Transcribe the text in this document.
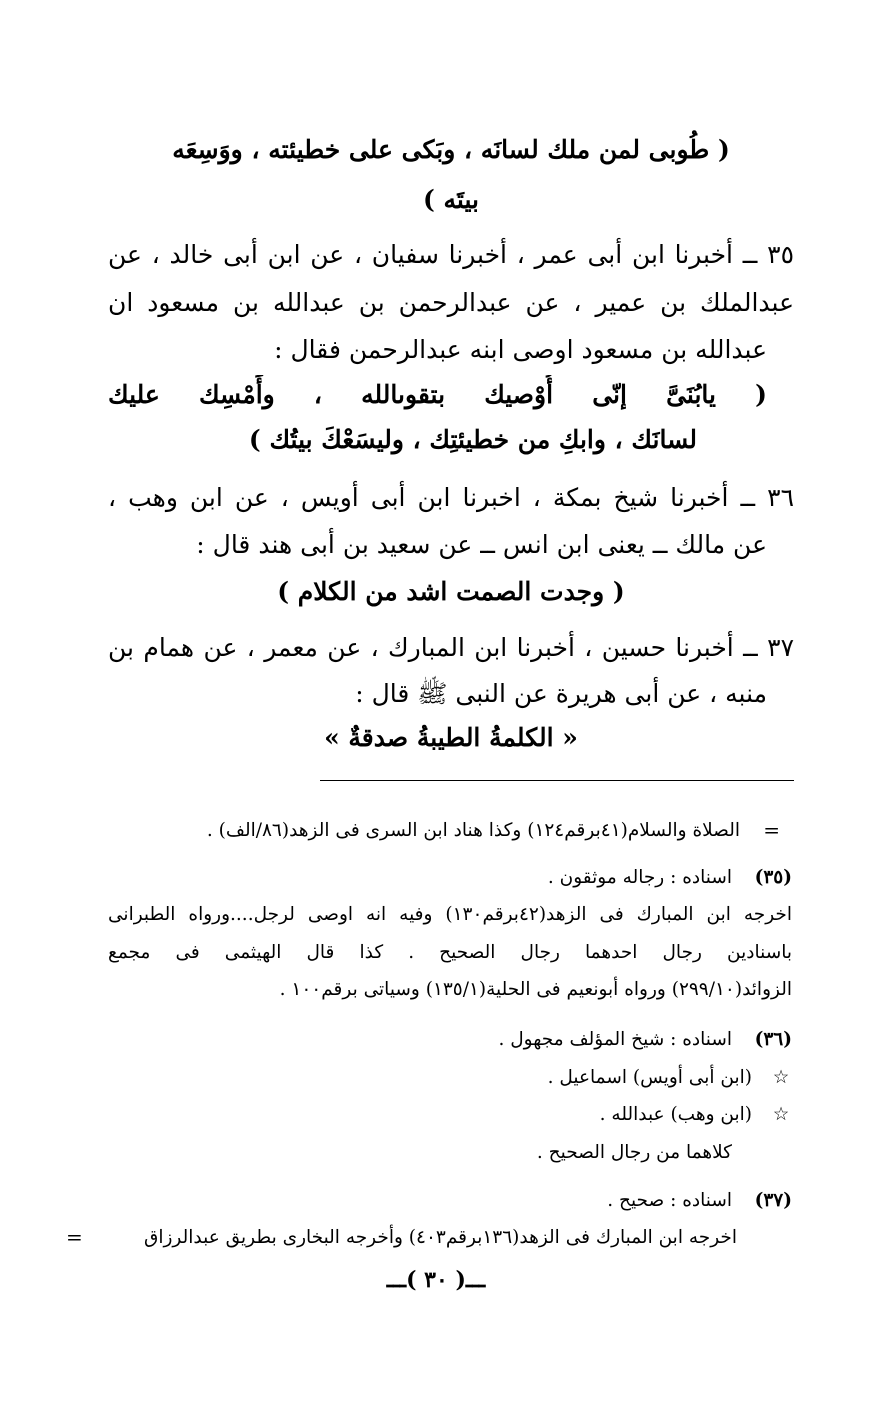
( طُوبى لمن ملك لسانَه ، وبَكى على خطيئته ، ووَسِعَه
بيتَه )
٣٥ ــ أخبرنا ابن أبى عمر ، أخبرنا سفيان ، عن ابن أبى خالد ، عن
عبدالملك بن عمير ، عن عبدالرحمن بن عبدالله بن مسعود ان
عبدالله بن مسعود اوصى ابنه عبدالرحمن فقال :
( يابُنَىَّ إنّى أُوْصيك بتقوىالله ، وأَمْسِك عليك
لسانَك ، وابكِ من خطيئتِك ، وليسَعْكَ بيتُك )
٣٦ ــ أخبرنا شيخ بمكة ، اخبرنا ابن أبى أويس ، عن ابن وهب ،
عن مالك ــ يعنى ابن انس ــ عن سعيد بن أبى هند قال :
( وجدت الصمت اشد من الكلام )
٣٧ ــ أخبرنا حسين ، أخبرنا ابن المبارك ، عن معمر ، عن همام بن
منبه ، عن أبى هريرة عن النبى ﷺ قال :
« الكلمةُ الطيبةُ صدقةٌ »
=
الصلاة والسلام(٤١برقم١٢٤) وكذا هناد ابن السرى فى الزهد(٨٦/الف) .
(٣٥)
اسناده : رجاله موثقون .
اخرجه ابن المبارك فى الزهد(٤٢برقم١٣٠) وفيه انه اوصى لرجل....ورواه الطبرانى
باسنادين رجال احدهما رجال الصحيح . كذا قال الهيثمى فى مجمع
الزوائد(٢٩٩/١٠) ورواه أبونعيم فى الحلية(١٣٥/١) وسياتى برقم١٠٠ .
(٣٦)
اسناده : شيخ المؤلف مجهول .
☆(ابن أبى أويس) اسماعيل .
☆(ابن وهب) عبدالله .
كلاهما من رجال الصحيح .
(٣٧)
اسناده : صحيح .
اخرجه ابن المبارك فى الزهد(١٣٦برقم٤٠٣) وأخرجه البخارى بطريق عبدالرزاق
=
ـــ( ٣٠ )ـــ
